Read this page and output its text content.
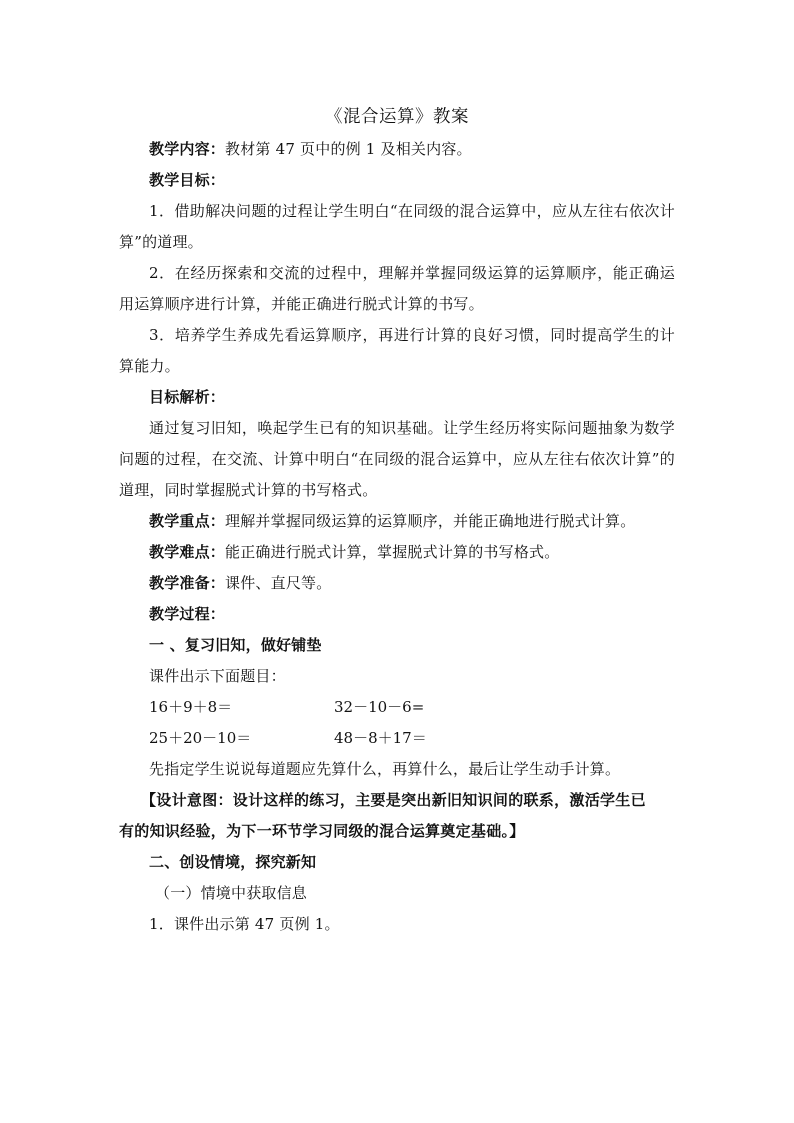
《混合运算》教案

教学内容：教材第 47 页中的例 1 及相关内容。

教学目标：

1．借助解决问题的过程让学生明白“在同级的混合运算中，应从左往右依次计算”的道理。

2．在经历探索和交流的过程中，理解并掌握同级运算的运算顺序，能正确运用运算顺序进行计算，并能正确进行脱式计算的书写。

3．培养学生养成先看运算顺序，再进行计算的良好习惯，同时提高学生的计算能力。

目标解析：

通过复习旧知，唤起学生已有的知识基础。让学生经历将实际问题抽象为数学问题的过程，在交流、计算中明白“在同级的混合运算中，应从左往右依次计算”的道理，同时掌握脱式计算的书写格式。

教学重点：理解并掌握同级运算的运算顺序，并能正确地进行脱式计算。

教学难点：能正确进行脱式计算，掌握脱式计算的书写格式。

教学准备：课件、直尺等。

教学过程：

一 、复习旧知，做好铺垫

课件出示下面题目：

16＋9＋8＝	32－10－6=
25＋20－10＝	48－8＋17＝

先指定学生说说每道题应先算什么，再算什么，最后让学生动手计算。

【设计意图：设计这样的练习，主要是突出新旧知识间的联系，激活学生已

有的知识经验，为下一环节学习同级的混合运算奠定基础。】

二、创设情境，探究新知

（一）情境中获取信息

1．课件出示第 47 页例 1。
